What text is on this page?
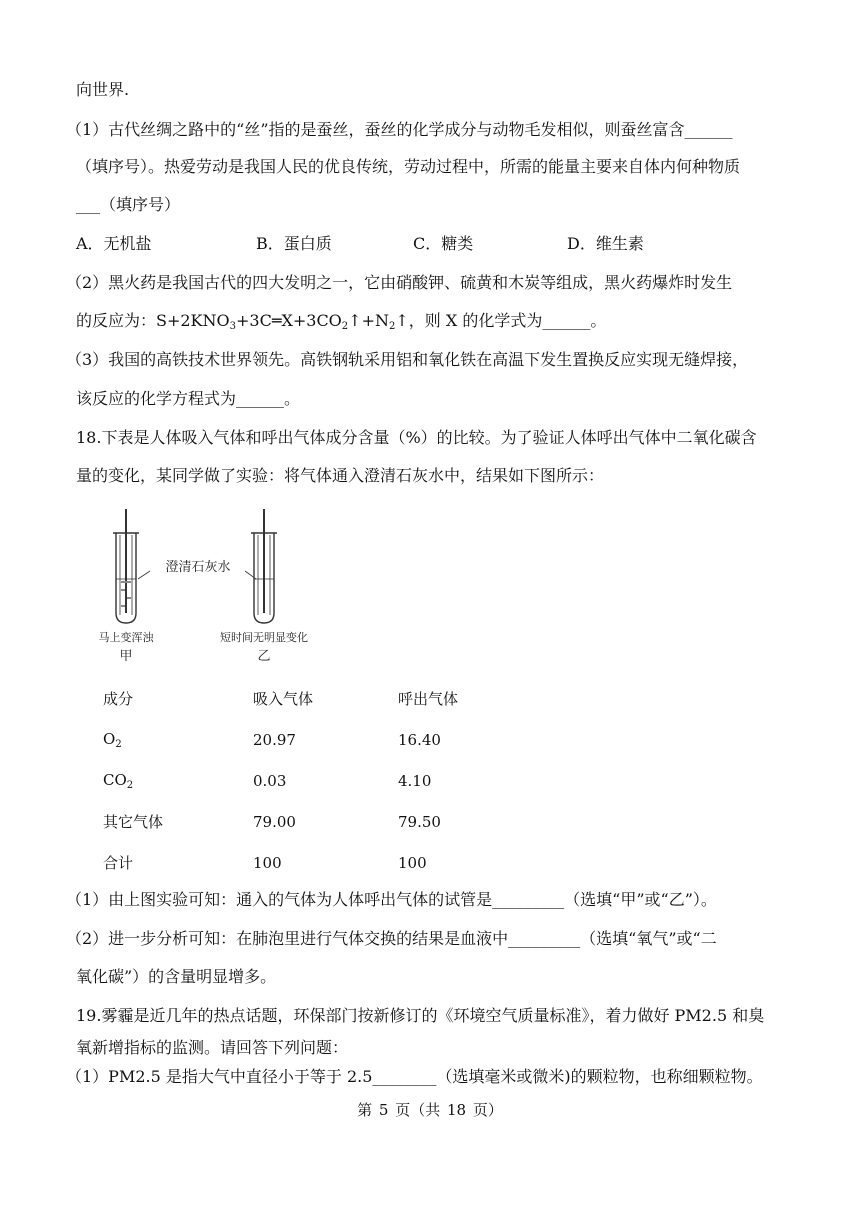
向世界.
（1）古代丝绸之路中的“丝”指的是蚕丝，蚕丝的化学成分与动物毛发相似，则蚕丝富含______
（填序号）。热爱劳动是我国人民的优良传统，劳动过程中，所需的能量主要来自体内何种物质
___（填序号）
A．无机盐	B．蛋白质	C．糖类	D．维生素
（2）黑火药是我国古代的四大发明之一，它由硝酸钾、硫黄和木炭等组成，黑火药爆炸时发生
的反应为：$S+2KNO_3+3C═X+3CO_2↑+N_2↑$，则 X 的化学式为______。
（3）我国的高铁技术世界领先。高铁钢轨采用铝和氧化铁在高温下发生置换反应实现无缝焊接，
该反应的化学方程式为______。
18.下表是人体吸入气体和呼出气体成分含量（%）的比较。为了验证人体呼出气体中二氧化碳含
量的变化，某同学做了实验：将气体通入澄清石灰水中，结果如下图所示：
澄清石灰水
马上变浑浊
甲
短时间无明显变化
乙
成分	吸入气体	呼出气体
$O_2$	20.97	16.40
$CO_2$	0.03	4.10
其它气体	79.00	79.50
合计	100	100
（1）由上图实验可知：通入的气体为人体呼出气体的试管是_________（选填“甲”或“乙”）。
（2）进一步分析可知：在肺泡里进行气体交换的结果是血液中_________（选填“氧气”或“二
氧化碳”）的含量明显增多。
19.雾霾是近几年的热点话题，环保部门按新修订的《环境空气质量标准》，着力做好 PM2.5 和臭
氧新增指标的监测。请回答下列问题：
（1）PM2.5 是指大气中直径小于等于 2.5________（选填毫米或微米)的颗粒物，也称细颗粒物。
第 5 页（共 18 页）
